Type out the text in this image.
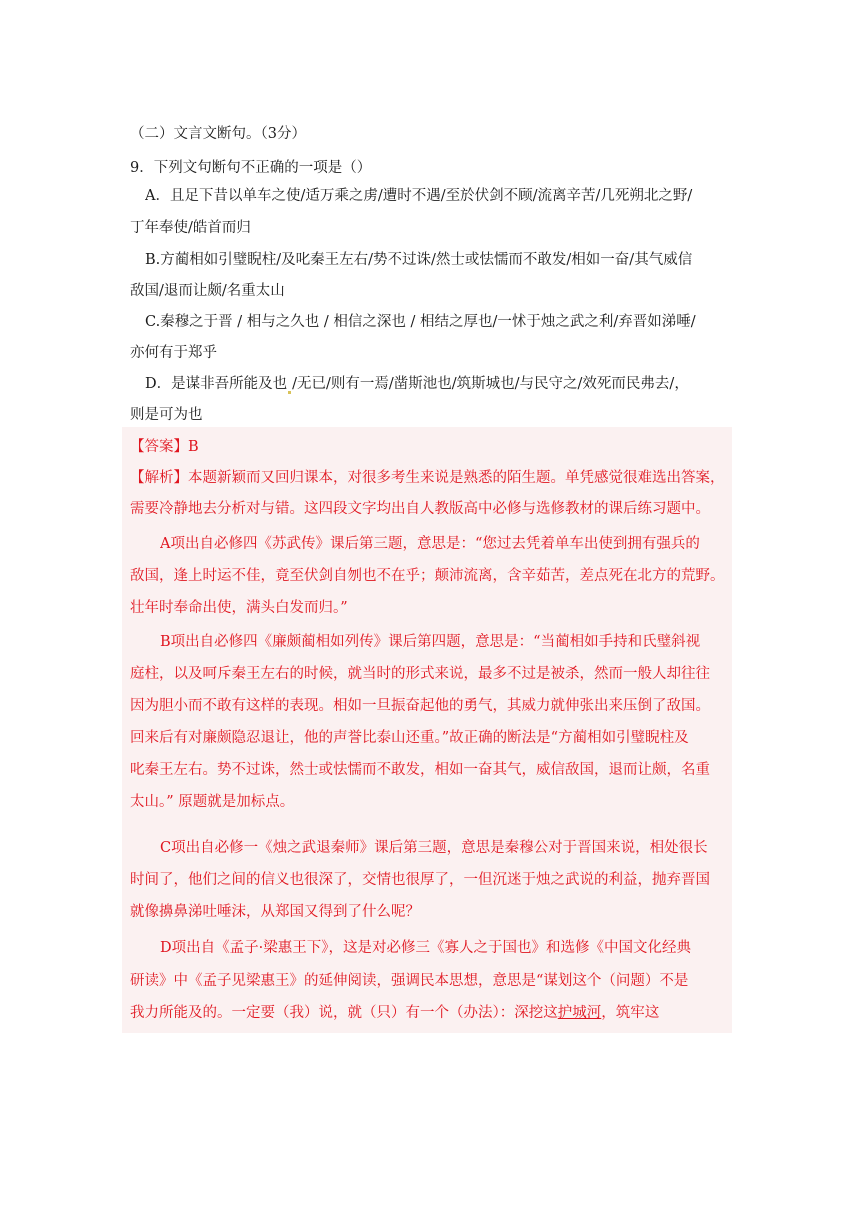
（二）文言文断句。（3分）
9．下列文句断句不正确的一项是（）
A．且足下昔以单车之使/适万乘之虏/遭时不遇/至於伏剑不顾/流离辛苦/几死朔北之野/
丁年奉使/皓首而归
B.方蔺相如引璧睨柱/及叱秦王左右/势不过诛/然士或怯懦而不敢发/相如一奋/其气威信
敌国/退而让颇/名重太山
C.秦穆之于晋 / 相与之久也 / 相信之深也 / 相结之厚也/一怵于烛之武之利/弃晋如涕唾/
亦何有于郑乎
D．是谋非吾所能及也 /无已/则有一焉/凿斯池也/筑斯城也/与民守之/效死而民弗去/，
则是可为也
【答案】B
【解析】本题新颖而又回归课本，对很多考生来说是熟悉的陌生题。单凭感觉很难选出答案，
需要冷静地去分析对与错。这四段文字均出自人教版高中必修与选修教材的课后练习题中。
A项出自必修四《苏武传》课后第三题，意思是：“您过去凭着单车出使到拥有强兵的
敌国，逢上时运不佳，竟至伏剑自刎也不在乎；颠沛流离，含辛茹苦，差点死在北方的荒野。
壮年时奉命出使，满头白发而归。”
B项出自必修四《廉颇蔺相如列传》课后第四题，意思是：“当蔺相如手持和氏璧斜视
庭柱，以及呵斥秦王左右的时候，就当时的形式来说，最多不过是被杀，然而一般人却往往
因为胆小而不敢有这样的表现。相如一旦振奋起他的勇气，其威力就伸张出来压倒了敌国。
回来后有对廉颇隐忍退让，他的声誉比泰山还重。”故正确的断法是“方蔺相如引璧睨柱及
叱秦王左右。势不过诛，然士或怯懦而不敢发，相如一奋其气，威信敌国，退而让颇，名重
太山。” 原题就是加标点。
C项出自必修一《烛之武退秦师》课后第三题，意思是秦穆公对于晋国来说，相处很长
时间了，他们之间的信义也很深了，交情也很厚了，一但沉迷于烛之武说的利益，抛弃晋国
就像擤鼻涕吐唾沫，从郑国又得到了什么呢？
D项出自《孟子·梁惠王下》，这是对必修三《寡人之于国也》和选修《中国文化经典
研读》中《孟子见梁惠王》的延伸阅读，强调民本思想，意思是“谋划这个（问题）不是
我力所能及的。一定要（我）说，就（只）有一个（办法）：深挖这护城河，筑牢这
